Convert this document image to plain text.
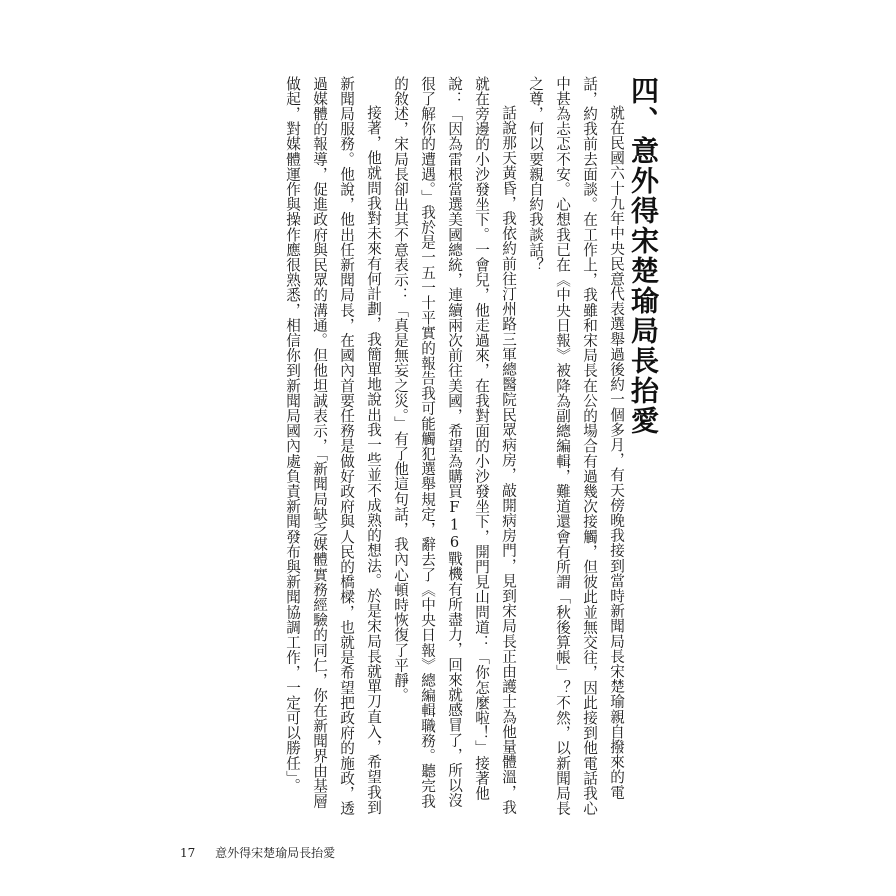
四、意外得宋楚瑜局長抬愛

就在民國六十九年中央民意代表選舉過後約一個多月，有天傍晚我接到當時新聞局長宋楚瑜親自撥來的電話，約我前去面談。在工作上，我雖和宋局長在公的場合有過幾次接觸，但彼此並無交往，因此接到他電話我心中甚為忐忑不安。心想我已在《中央日報》被降為副總編輯，難道還會有所謂「秋後算帳」？不然，以新聞局長之尊，何以要親自約我談話？

話說那天黃昏，我依約前往汀州路三軍總醫院民眾病房，敲開病房門，見到宋局長正由護士為他量體溫，我就在旁邊的小沙發坐下。一會兒，他走過來，在我對面的小沙發坐下，開門見山問道：「你怎麼啦！」接著他說：「因為雷根當選美國總統，連續兩次前往美國，希望為購買F16戰機有所盡力，回來就感冒了，所以沒很了解你的遭遇。」我於是一五一十平實的報告我可能觸犯選舉規定，辭去了《中央日報》總編輯職務。聽完我的敘述，宋局長卻出其不意表示：「真是無妄之災。」有了他這句話，我內心頓時恢復了平靜。

接著，他就問我對未來有何計劃，我簡單地說出我一些並不成熟的想法。於是宋局長就單刀直入，希望我到新聞局服務。他說，他出任新聞局長，在國內首要任務是做好政府與人民的橋樑，也就是希望把政府的施政，透過媒體的報導，促進政府與民眾的溝通。但他坦誠表示，「新聞局缺乏媒體實務經驗的同仁，你在新聞界由基層做起，對媒體運作與操作應很熟悉，相信你到新聞局國內處負責新聞發布與新聞協調工作，一定可以勝任」。

17 意外得宋楚瑜局長抬愛
